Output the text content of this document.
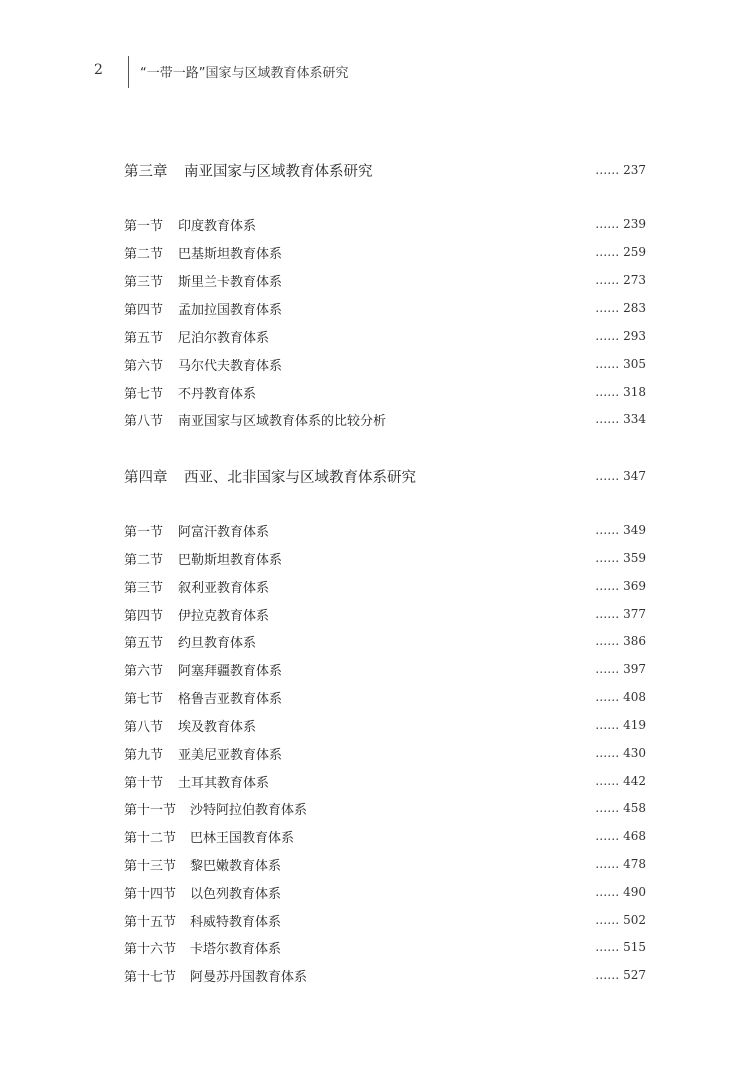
2	“一带一路”国家与区域教育体系研究
第三章	南亚国家与区域教育体系研究	…… 237
第一节	印度教育体系	…… 239
第二节	巴基斯坦教育体系	…… 259
第三节	斯里兰卡教育体系	…… 273
第四节	孟加拉国教育体系	…… 283
第五节	尼泊尔教育体系	…… 293
第六节	马尔代夫教育体系	…… 305
第七节	不丹教育体系	…… 318
第八节	南亚国家与区域教育体系的比较分析	…… 334
第四章	西亚、北非国家与区域教育体系研究	…… 347
第一节	阿富汗教育体系	…… 349
第二节	巴勒斯坦教育体系	…… 359
第三节	叙利亚教育体系	…… 369
第四节	伊拉克教育体系	…… 377
第五节	约旦教育体系	…… 386
第六节	阿塞拜疆教育体系	…… 397
第七节	格鲁吉亚教育体系	…… 408
第八节	埃及教育体系	…… 419
第九节	亚美尼亚教育体系	…… 430
第十节	土耳其教育体系	…… 442
第十一节	沙特阿拉伯教育体系	…… 458
第十二节	巴林王国教育体系	…… 468
第十三节	黎巴嫩教育体系	…… 478
第十四节	以色列教育体系	…… 490
第十五节	科威特教育体系	…… 502
第十六节	卡塔尔教育体系	…… 515
第十七节	阿曼苏丹国教育体系	…… 527
